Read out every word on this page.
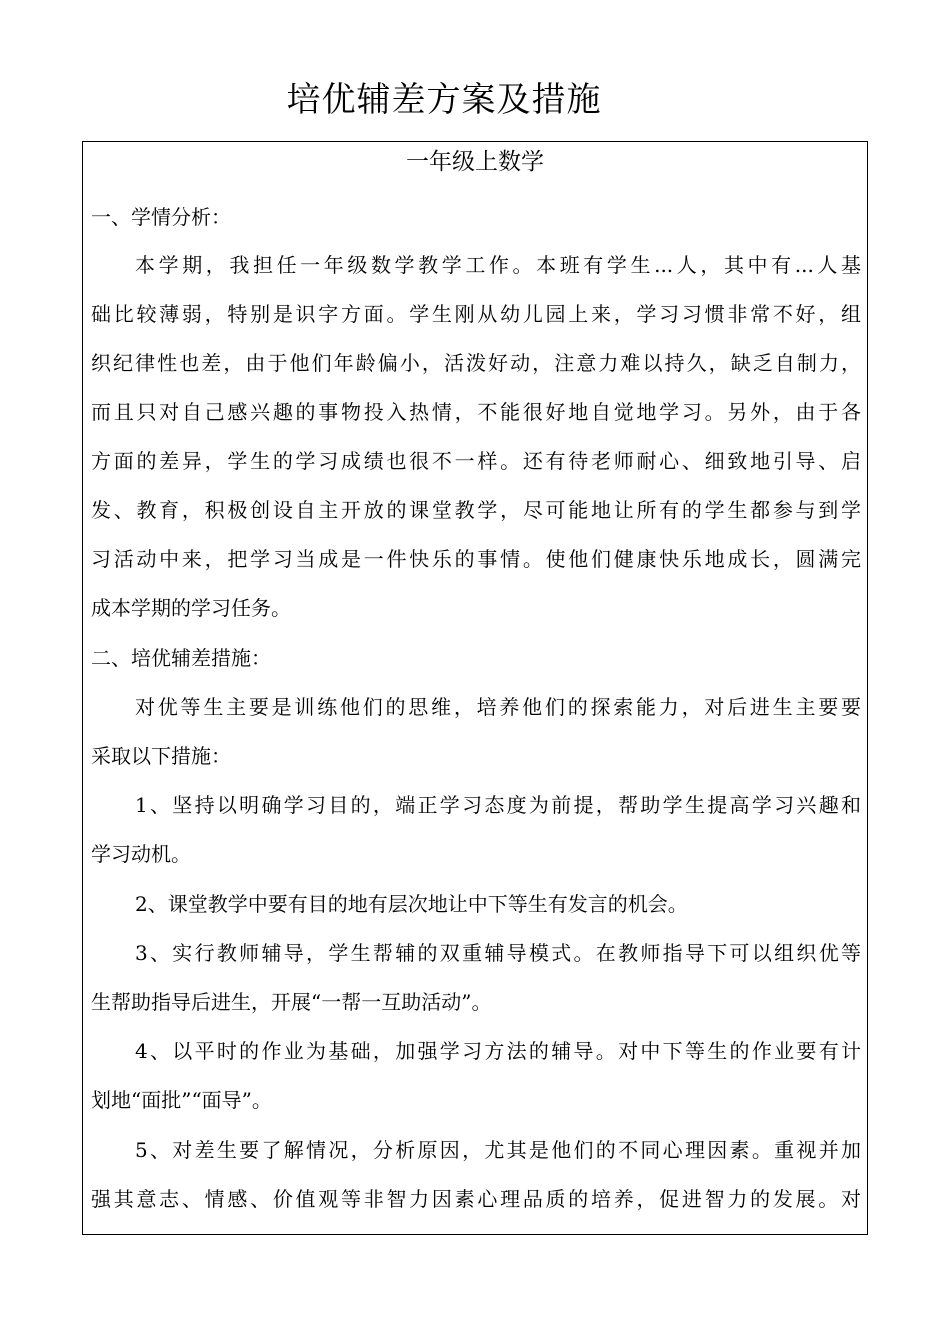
培优辅差方案及措施
一年级上数学
一、学情分析：
本学期，我担任一年级数学教学工作。本班有学生...人，其中有...人基
础比较薄弱，特别是识字方面。学生刚从幼儿园上来，学习习惯非常不好，组
织纪律性也差，由于他们年龄偏小，活泼好动，注意力难以持久，缺乏自制力，
而且只对自己感兴趣的事物投入热情，不能很好地自觉地学习。另外，由于各
方面的差异，学生的学习成绩也很不一样。还有待老师耐心、细致地引导、启
发、教育，积极创设自主开放的课堂教学，尽可能地让所有的学生都参与到学
习活动中来，把学习当成是一件快乐的事情。使他们健康快乐地成长，圆满完
成本学期的学习任务。
二、培优辅差措施：
对优等生主要是训练他们的思维，培养他们的探索能力，对后进生主要要
采取以下措施：
1、坚持以明确学习目的，端正学习态度为前提，帮助学生提高学习兴趣和
学习动机。
2、课堂教学中要有目的地有层次地让中下等生有发言的机会。
3、实行教师辅导，学生帮辅的双重辅导模式。在教师指导下可以组织优等
生帮助指导后进生，开展“一帮一互助活动”。
4、以平时的作业为基础，加强学习方法的辅导。对中下等生的作业要有计
划地“面批”“面导”。
5、对差生要了解情况，分析原因，尤其是他们的不同心理因素。重视并加
强其意志、情感、价值观等非智力因素心理品质的培养，促进智力的发展。对
